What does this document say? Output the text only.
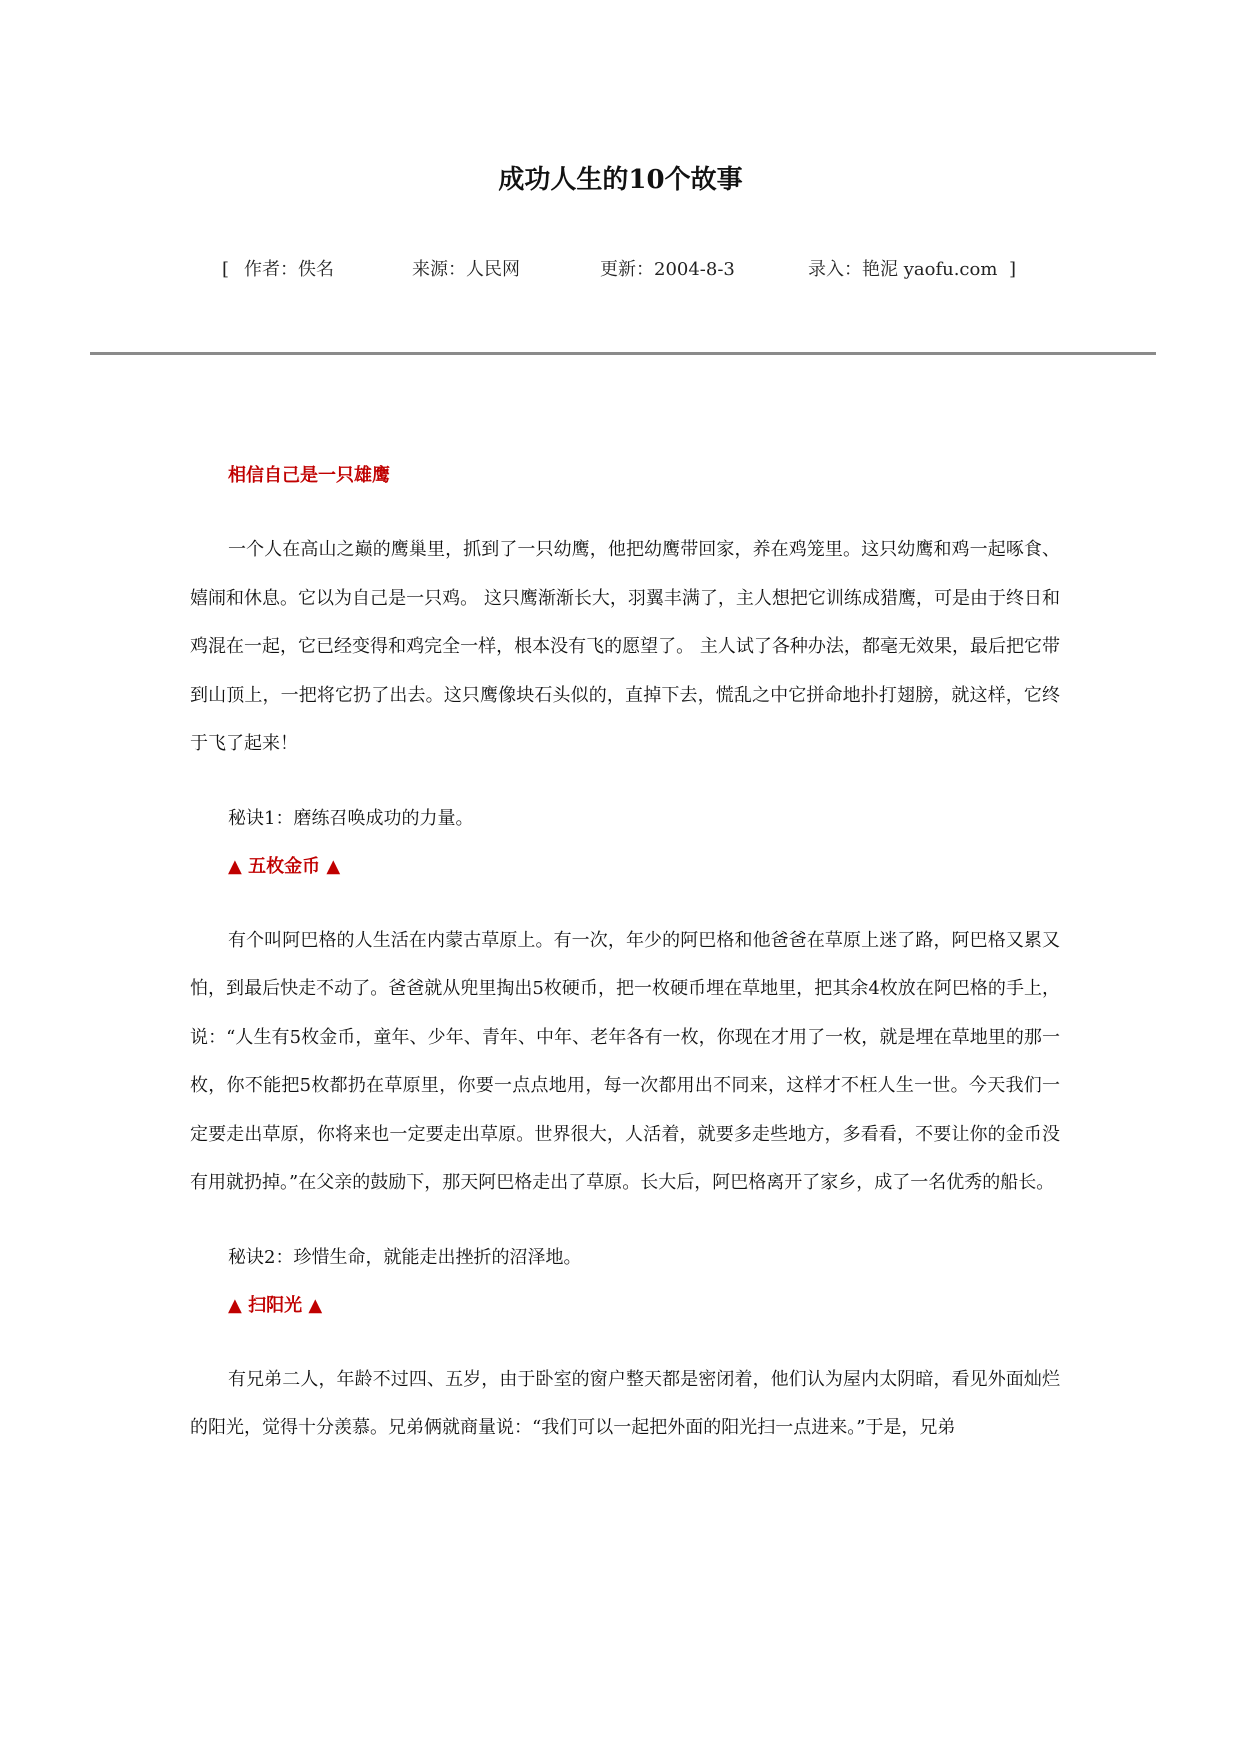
成功人生的10个故事
[ 作者：佚名	来源：人民网	更新：2004-8-3	录入：艳泥 yaofu.com ]
相信自己是一只雄鹰

一个人在高山之巅的鹰巢里，抓到了一只幼鹰，他把幼鹰带回家，养在鸡笼里。这只幼鹰和鸡一起啄食、嬉闹和休息。它以为自己是一只鸡。 这只鹰渐渐长大，羽翼丰满了，主人想把它训练成猎鹰，可是由于终日和鸡混在一起，它已经变得和鸡完全一样，根本没有飞的愿望了。 主人试了各种办法，都毫无效果，最后把它带到山顶上，一把将它扔了出去。这只鹰像块石头似的，直掉下去，慌乱之中它拼命地扑打翅膀，就这样，它终于飞了起来！

秘诀1：磨练召唤成功的力量。
▲ 五枚金币 ▲

有个叫阿巴格的人生活在内蒙古草原上。有一次，年少的阿巴格和他爸爸在草原上迷了路，阿巴格又累又怕，到最后快走不动了。爸爸就从兜里掏出5枚硬币，把一枚硬币埋在草地里，把其余4枚放在阿巴格的手上，说：“人生有5枚金币，童年、少年、青年、中年、老年各有一枚，你现在才用了一枚，就是埋在草地里的那一枚，你不能把5枚都扔在草原里，你要一点点地用，每一次都用出不同来，这样才不枉人生一世。今天我们一定要走出草原，你将来也一定要走出草原。世界很大，人活着，就要多走些地方，多看看，不要让你的金币没有用就扔掉。”在父亲的鼓励下，那天阿巴格走出了草原。长大后，阿巴格离开了家乡，成了一名优秀的船长。

秘诀2：珍惜生命，就能走出挫折的沼泽地。
▲ 扫阳光 ▲

有兄弟二人，年龄不过四、五岁，由于卧室的窗户整天都是密闭着，他们认为屋内太阴暗，看见外面灿烂的阳光，觉得十分羡慕。兄弟俩就商量说：“我们可以一起把外面的阳光扫一点进来。”于是，兄弟
